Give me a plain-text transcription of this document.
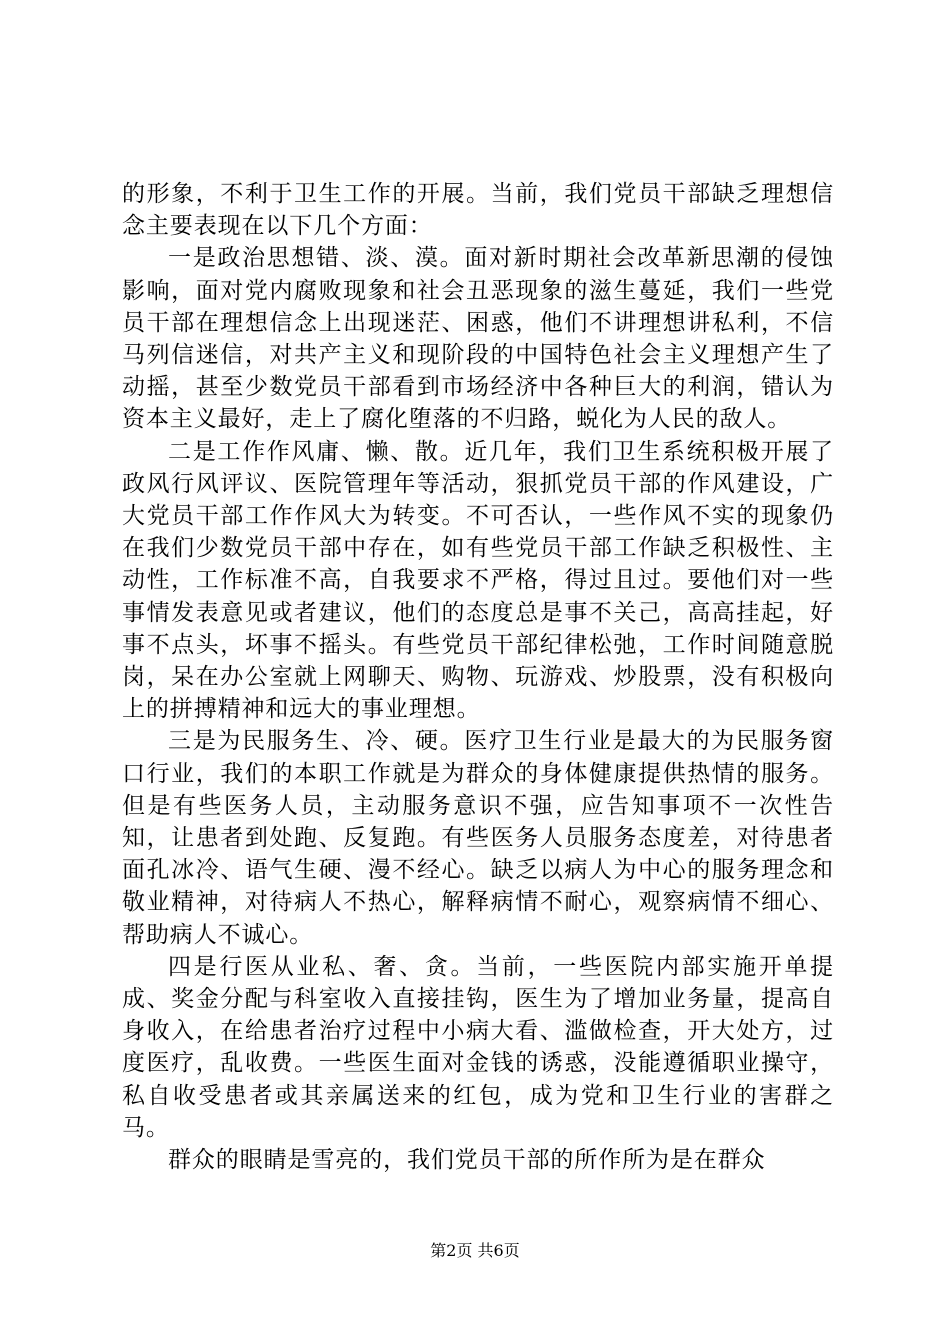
的形象，不利于卫生工作的开展。当前，我们党员干部缺乏理想信念主要表现在以下几个方面：

一是政治思想错、淡、漠。面对新时期社会改革新思潮的侵蚀影响，面对党内腐败现象和社会丑恶现象的滋生蔓延，我们一些党员干部在理想信念上出现迷茫、困惑，他们不讲理想讲私利，不信马列信迷信，对共产主义和现阶段的中国特色社会主义理想产生了动摇，甚至少数党员干部看到市场经济中各种巨大的利润，错认为资本主义最好，走上了腐化堕落的不归路，蜕化为人民的敌人。

二是工作作风庸、懒、散。近几年，我们卫生系统积极开展了政风行风评议、医院管理年等活动，狠抓党员干部的作风建设，广大党员干部工作作风大为转变。不可否认，一些作风不实的现象仍在我们少数党员干部中存在，如有些党员干部工作缺乏积极性、主动性，工作标准不高，自我要求不严格，得过且过。要他们对一些事情发表意见或者建议，他们的态度总是事不关己，高高挂起，好事不点头，坏事不摇头。有些党员干部纪律松弛，工作时间随意脱岗，呆在办公室就上网聊天、购物、玩游戏、炒股票，没有积极向上的拼搏精神和远大的事业理想。

三是为民服务生、冷、硬。医疗卫生行业是最大的为民服务窗口行业，我们的本职工作就是为群众的身体健康提供热情的服务。但是有些医务人员，主动服务意识不强，应告知事项不一次性告知，让患者到处跑、反复跑。有些医务人员服务态度差，对待患者面孔冰冷、语气生硬、漫不经心。缺乏以病人为中心的服务理念和敬业精神，对待病人不热心，解释病情不耐心，观察病情不细心、帮助病人不诚心。

四是行医从业私、奢、贪。当前，一些医院内部实施开单提成、奖金分配与科室收入直接挂钩，医生为了增加业务量，提高自身收入，在给患者治疗过程中小病大看、滥做检查，开大处方，过度医疗，乱收费。一些医生面对金钱的诱惑，没能遵循职业操守，私自收受患者或其亲属送来的红包，成为党和卫生行业的害群之马。

群众的眼睛是雪亮的，我们党员干部的所作所为是在群众

第2页 共6页
